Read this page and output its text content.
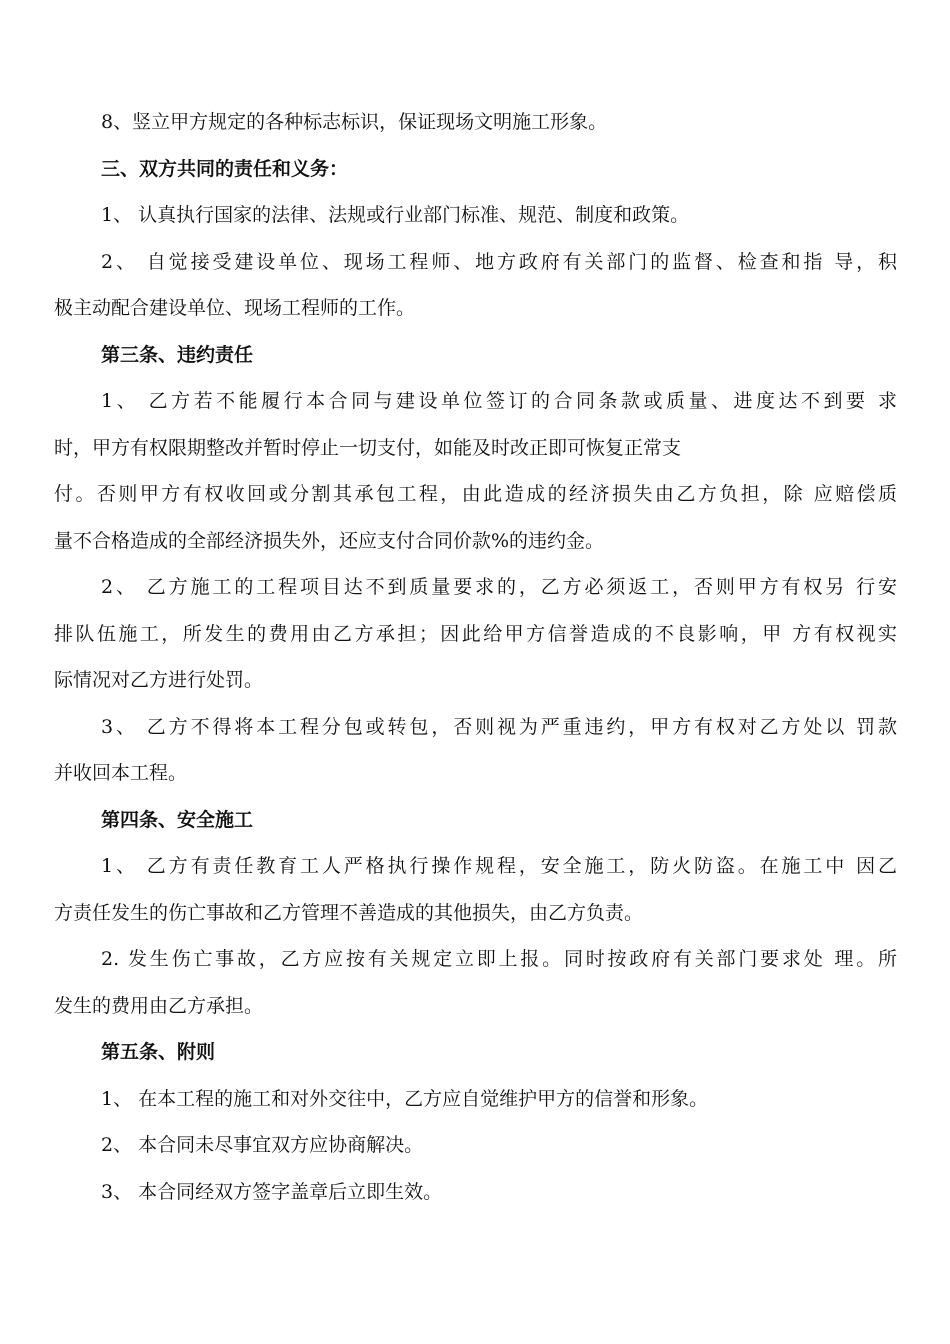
8、竖立甲方规定的各种标志标识，保证现场文明施工形象。

三、双方共同的责任和义务：

1、 认真执行国家的法律、法规或行业部门标准、规范、制度和政策。

2、 自觉接受建设单位、现场工程师、地方政府有关部门的监督、检查和指 导，积

极主动配合建设单位、现场工程师的工作。

第三条、违约责任

1、 乙方若不能履行本合同与建设单位签订的合同条款或质量、进度达不到要 求

时，甲方有权限期整改并暂时停止一切支付，如能及时改正即可恢复正常支

付。否则甲方有权收回或分割其承包工程，由此造成的经济损失由乙方负担，除 应赔偿质

量不合格造成的全部经济损失外，还应支付合同价款%的违约金。

2、 乙方施工的工程项目达不到质量要求的，乙方必须返工，否则甲方有权另 行安

排队伍施工，所发生的费用由乙方承担；因此给甲方信誉造成的不良影响，甲 方有权视实

际情况对乙方进行处罚。

3、 乙方不得将本工程分包或转包，否则视为严重违约，甲方有权对乙方处以 罚款

并收回本工程。

第四条、安全施工

1、 乙方有责任教育工人严格执行操作规程，安全施工，防火防盗。在施工中 因乙

方责任发生的伤亡事故和乙方管理不善造成的其他损失，由乙方负责。

2. 发生伤亡事故，乙方应按有关规定立即上报。同时按政府有关部门要求处 理。所

发生的费用由乙方承担。

第五条、附则

1、 在本工程的施工和对外交往中，乙方应自觉维护甲方的信誉和形象。

2、 本合同未尽事宜双方应协商解决。

3、 本合同经双方签字盖章后立即生效。
